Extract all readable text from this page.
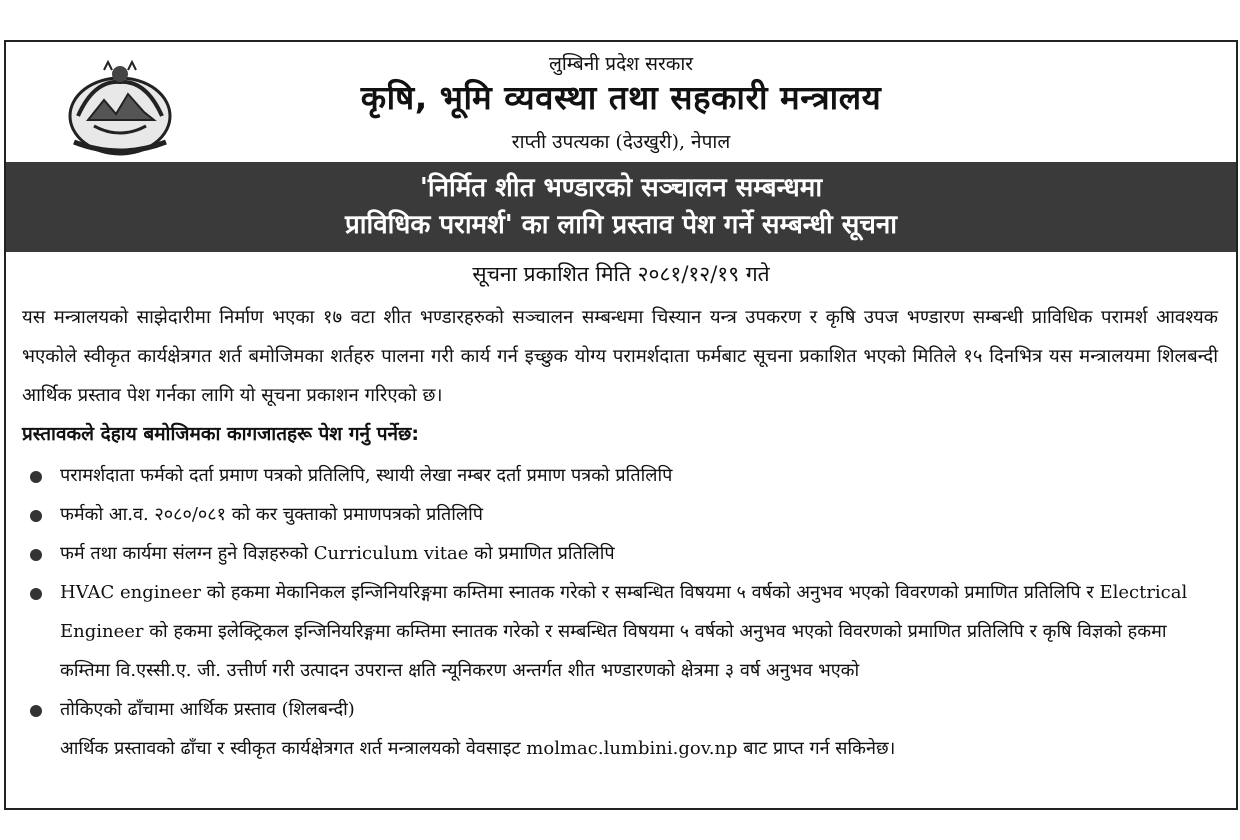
लुम्बिनी प्रदेश सरकार
कृषि, भूमि व्यवस्था तथा सहकारी मन्त्रालय
राप्ती उपत्यका (देउखुरी), नेपाल
'निर्मित शीत भण्डारको सञ्चालन सम्बन्धमा
प्राविधिक परामर्श' का लागि प्रस्ताव पेश गर्ने सम्बन्धी सूचना
सूचना प्रकाशित मिति २०८१/१२/१९ गते
यस मन्त्रालयको साझेदारीमा निर्माण भएका १७ वटा शीत भण्डारहरुको सञ्चालन सम्बन्धमा चिस्यान यन्त्र उपकरण र कृषि उपज भण्डारण सम्बन्धी प्राविधिक परामर्श आवश्यक भएकोले स्वीकृत कार्यक्षेत्रगत शर्त बमोजिमका शर्तहरु पालना गरी कार्य गर्न इच्छुक योग्य परामर्शदाता फर्मबाट सूचना प्रकाशित भएको मितिले १५ दिनभित्र यस मन्त्रालयमा शिलबन्दी आर्थिक प्रस्ताव पेश गर्नका लागि यो सूचना प्रकाशन गरिएको छ।
प्रस्तावकले देहाय बमोजिमका कागजातहरू पेश गर्नु पर्नेछ:
परामर्शदाता फर्मको दर्ता प्रमाण पत्रको प्रतिलिपि, स्थायी लेखा नम्बर दर्ता प्रमाण पत्रको प्रतिलिपि
फर्मको आ.व. २०८०/०८१ को कर चुक्ताको प्रमाणपत्रको प्रतिलिपि
फर्म तथा कार्यमा संलग्न हुने विज्ञहरुको Curriculum vitae को प्रमाणित प्रतिलिपि
HVAC engineer को हकमा मेकानिकल इन्जिनियरिङ्गमा कम्तिमा स्नातक गरेको र सम्बन्धित विषयमा ५ वर्षको अनुभव भएको विवरणको प्रमाणित प्रतिलिपि र Electrical Engineer को हकमा इलेक्ट्रिकल इन्जिनियरिङ्गमा कम्तिमा स्नातक गरेको र सम्बन्धित विषयमा ५ वर्षको अनुभव भएको विवरणको प्रमाणित प्रतिलिपि र कृषि विज्ञको हकमा कम्तिमा वि.एस्सी.ए. जी. उत्तीर्ण गरी उत्पादन उपरान्त क्षति न्यूनिकरण अन्तर्गत शीत भण्डारणको क्षेत्रमा ३ वर्ष अनुभव भएको
तोकिएको ढाँचामा आर्थिक प्रस्ताव (शिलबन्दी)
आर्थिक प्रस्तावको ढाँचा र स्वीकृत कार्यक्षेत्रगत शर्त मन्त्रालयको वेवसाइट molmac.lumbini.gov.np बाट प्राप्त गर्न सकिनेछ।
